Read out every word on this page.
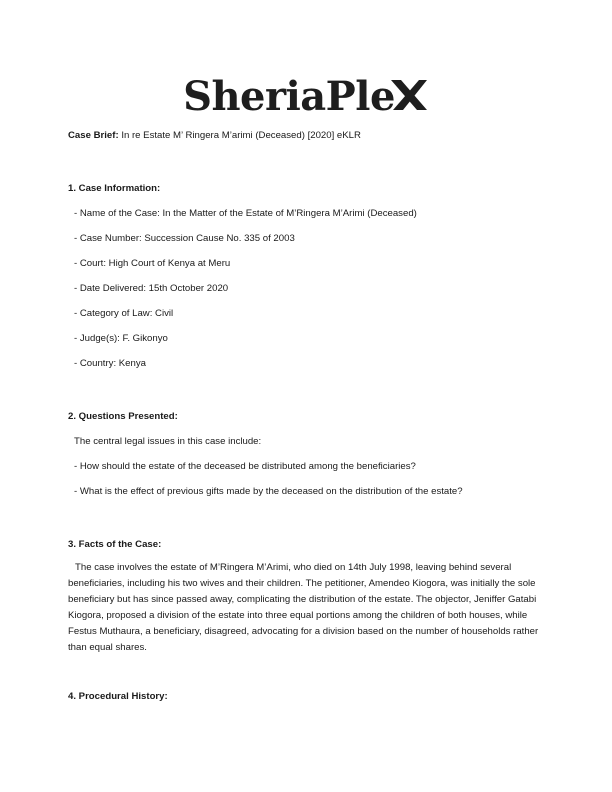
SheriaPle
Case Brief: In re Estate M’ Ringera M’arimi (Deceased) [2020] eKLR
1. Case Information:
- Name of the Case: In the Matter of the Estate of M’Ringera M’Arimi (Deceased)
- Case Number: Succession Cause No. 335 of 2003
- Court: High Court of Kenya at Meru
- Date Delivered: 15th October 2020
- Category of Law: Civil
- Judge(s): F. Gikonyo
- Country: Kenya
2. Questions Presented:
The central legal issues in this case include:
- How should the estate of the deceased be distributed among the beneficiaries?
- What is the effect of previous gifts made by the deceased on the distribution of the estate?
3. Facts of the Case:
The case involves the estate of M’Ringera M’Arimi, who died on 14th July 1998, leaving behind several beneficiaries, including his two wives and their children. The petitioner, Amendeo Kiogora, was initially the sole beneficiary but has since passed away, complicating the distribution of the estate. The objector, Jeniffer Gatabi Kiogora, proposed a division of the estate into three equal portions among the children of both houses, while Festus Muthaura, a beneficiary, disagreed, advocating for a division based on the number of households rather than equal shares.
4. Procedural History:
